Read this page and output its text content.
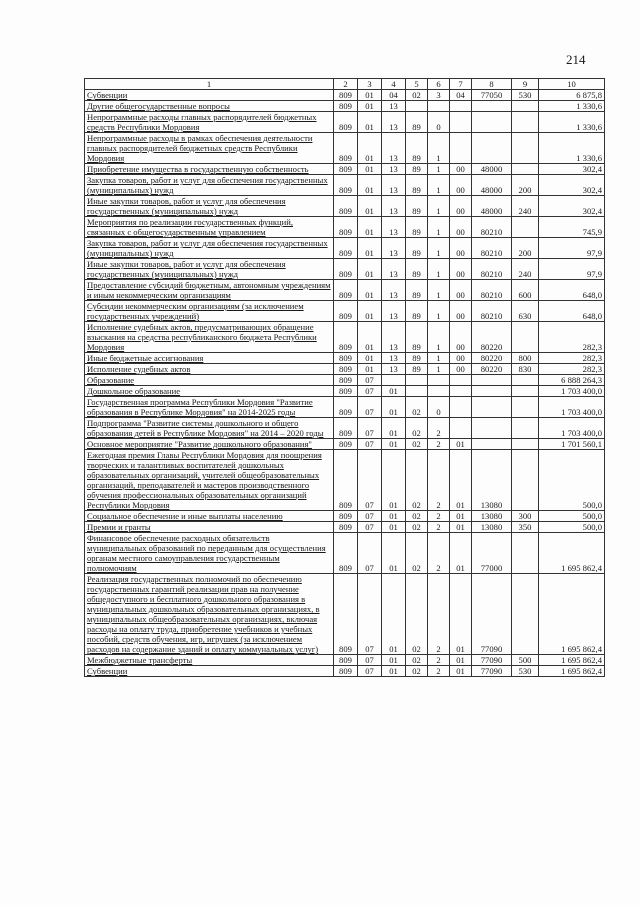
214
1	2	3	4	5	6	7	8	9	10

Субвенции	809	01	04	02	3	04	77050	530	6 875,8

Другие общегосударственные вопросы	809	01	13						1 330,6

Непрограммные расходы главных распорядителей бюджетных средств Республики Мордовия	809	01	13	89	0				1 330,6

Непрограммные расходы в рамках обеспечения деятельности главных распорядителей бюджетных средств Республики Мордовия	809	01	13	89	1				1 330,6

Приобретение имущества в государственную собственность	809	01	13	89	1	00	48000		302,4

Закупка товаров, работ и услуг для обеспечения государственных (муниципальных) нужд	809	01	13	89	1	00	48000	200	302,4

Иные закупки товаров, работ и услуг для обеспечения государственных (муниципальных) нужд	809	01	13	89	1	00	48000	240	302,4

Мероприятия по реализации государственных функций, связанных с общегосударственным управлением	809	01	13	89	1	00	80210		745,9

Закупка товаров, работ и услуг для обеспечения государственных (муниципальных) нужд	809	01	13	89	1	00	80210	200	97,9

Иные закупки товаров, работ и услуг для обеспечения государственных (муниципальных) нужд	809	01	13	89	1	00	80210	240	97,9

Предоставление субсидий бюджетным, автономным учреждениям и иным некоммерческим организациям	809	01	13	89	1	00	80210	600	648,0

Субсидии некоммерческим организациям (за исключением государственных учреждений)	809	01	13	89	1	00	80210	630	648,0

Исполнение судебных актов, предусматривающих обращение взыскания на средства республиканского бюджета Республики Мордовия	809	01	13	89	1	00	80220		282,3

Иные бюджетные ассигнования	809	01	13	89	1	00	80220	800	282,3

Исполнение судебных актов	809	01	13	89	1	00	80220	830	282,3

Образование	809	07							6 888 264,3

Дошкольное образование	809	07	01						1 703 400,0

Государственная программа Республики Мордовия "Развитие образования в Республике Мордовия" на 2014-2025 годы	809	07	01	02	0				1 703 400,0

Подпрограмма "Развитие системы дошкольного и общего образования детей в Республике Мордовия" на 2014 – 2020 годы	809	07	01	02	2				1 703 400,0

Основное мероприятие "Развитие дошкольного образования"	809	07	01	02	2	01			1 701 560,1

Ежегодная премия Главы Республики Мордовия для поощрения творческих и талантливых воспитателей дошкольных образовательных организаций, учителей общеобразовательных организаций, преподавателей и мастеров производственного обучения профессиональных образовательных организаций Республики Мордовия	809	07	01	02	2	01	13080		500,0

Социальное обеспечение и иные выплаты населению	809	07	01	02	2	01	13080	300	500,0

Премии и гранты	809	07	01	02	2	01	13080	350	500,0

Финансовое обеспечение расходных обязательств муниципальных образований по переданным для осуществления органам местного самоуправления государственным полномочиям	809	07	01	02	2	01	77000		1 695 862,4

Реализация государственных полномочий по обеспечению государственных гарантий реализации прав на получение общедоступного и бесплатного дошкольного образования в муниципальных дошкольных образовательных организациях, в муниципальных общеобразовательных организациях, включая расходы на оплату труда, приобретение учебников и учебных пособий, средств обучения, игр, игрушек (за исключением расходов на содержание зданий и оплату коммунальных услуг)	809	07	01	02	2	01	77090		1 695 862,4

Межбюджетные трансферты	809	07	01	02	2	01	77090	500	1 695 862,4

Субвенции	809	07	01	02	2	01	77090	530	1 695 862,4
